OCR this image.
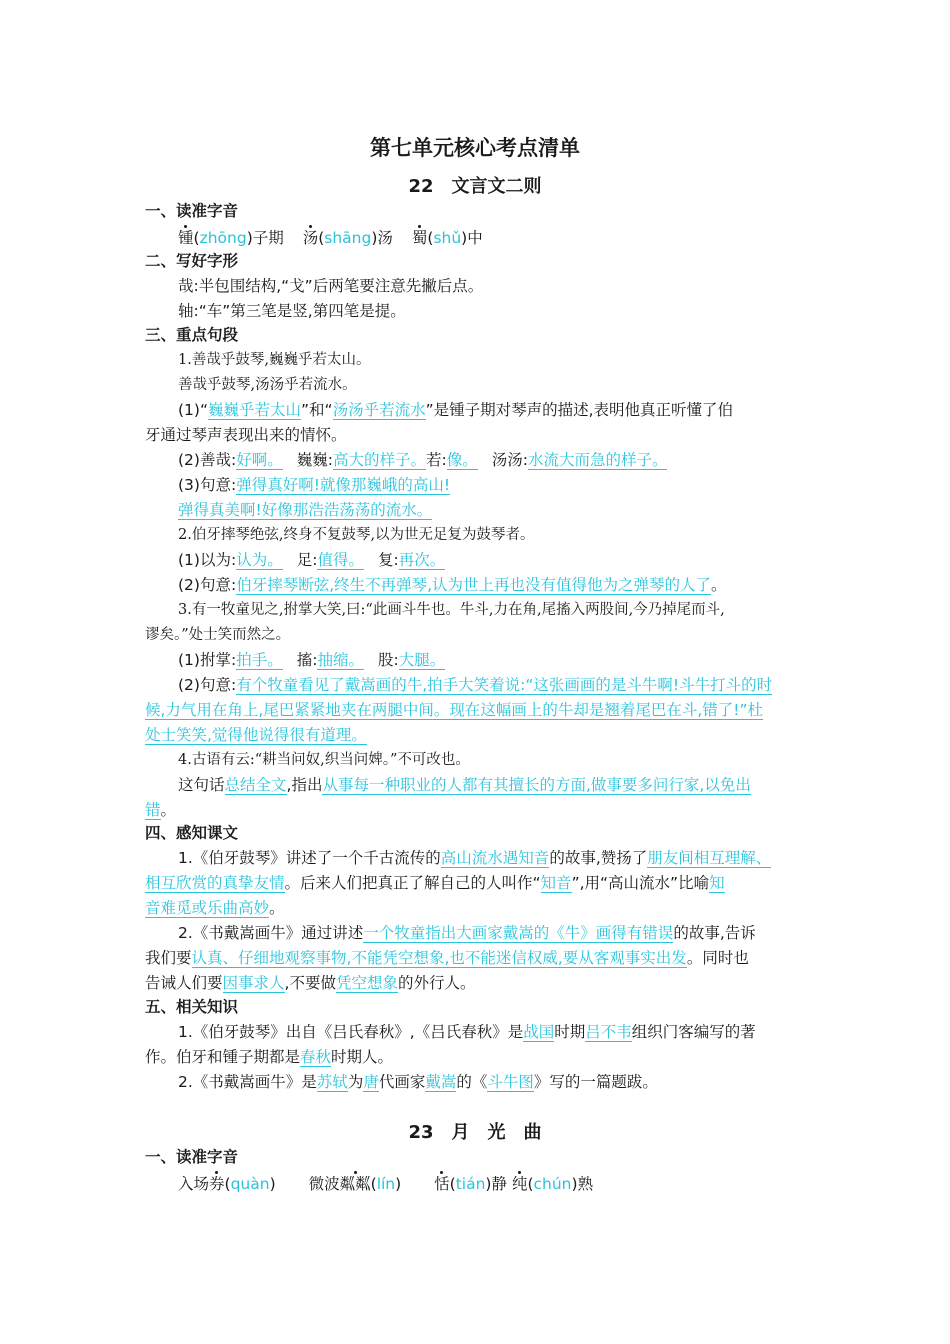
第七单元核心考点清单
22　文言文二则
一、读准字音
锺(zhōng)子期 汤(shāng)汤 蜀(shǔ)中
二、写好字形
哉:半包围结构,“戈”后两笔要注意先撇后点。
轴:“车”第三笔是竖,第四笔是提。
三、重点句段
1.善哉乎鼓琴,巍巍乎若太山。
善哉乎鼓琴,汤汤乎若流水。
(1)“巍巍乎若太山”和“汤汤乎若流水”是锺子期对琴声的描述,表明他真正听懂了伯
牙通过琴声表现出来的情怀。
(2)善哉:好啊。 巍巍:高大的样子。若:像。 汤汤:水流大而急的样子。
(3)句意:弹得真好啊!就像那巍峨的高山!
弹得真美啊!好像那浩浩荡荡的流水。
2.伯牙摔琴绝弦,终身不复鼓琴,以为世无足复为鼓琴者。
(1)以为:认为。 足:值得。 复:再次。
(2)句意:伯牙摔琴断弦,终生不再弹琴,认为世上再也没有值得他为之弹琴的人了。
3.有一牧童见之,拊掌大笑,曰:“此画斗牛也。牛斗,力在角,尾搐入两股间,今乃掉尾而斗,
谬矣。”处士笑而然之。
(1)拊掌:拍手。 搐:抽缩。 股:大腿。
(2)句意:有个牧童看见了戴嵩画的牛,拍手大笑着说:“这张画画的是斗牛啊!斗牛打斗的时
候,力气用在角上,尾巴紧紧地夹在两腿中间。现在这幅画上的牛却是翘着尾巴在斗,错了!”杜
处士笑笑,觉得他说得很有道理。
4.古语有云:“耕当问奴,织当问婢。”不可改也。
这句话总结全文,指出从事每一种职业的人都有其擅长的方面,做事要多问行家,以免出
错。
四、感知课文
1.《伯牙鼓琴》讲述了一个千古流传的高山流水遇知音的故事,赞扬了朋友间相互理解、
相互欣赏的真挚友情。后来人们把真正了解自己的人叫作“知音”,用“高山流水”比喻知
音难觅或乐曲高妙。
2.《书戴嵩画牛》通过讲述一个牧童指出大画家戴嵩的《牛》画得有错误的故事,告诉
我们要认真、仔细地观察事物,不能凭空想象,也不能迷信权威,要从客观事实出发。同时也
告诫人们要因事求人,不要做凭空想象的外行人。
五、相关知识
1.《伯牙鼓琴》出自《吕氏春秋》,《吕氏春秋》是战国时期吕不韦组织门客编写的著
作。伯牙和锺子期都是春秋时期人。
2.《书戴嵩画牛》是苏轼为唐代画家戴嵩的《斗牛图》写的一篇题跋。
23　月　光　曲
一、读准字音
入场券(quàn) 微波粼粼(lín) 恬(tián)静 纯(chún)熟
